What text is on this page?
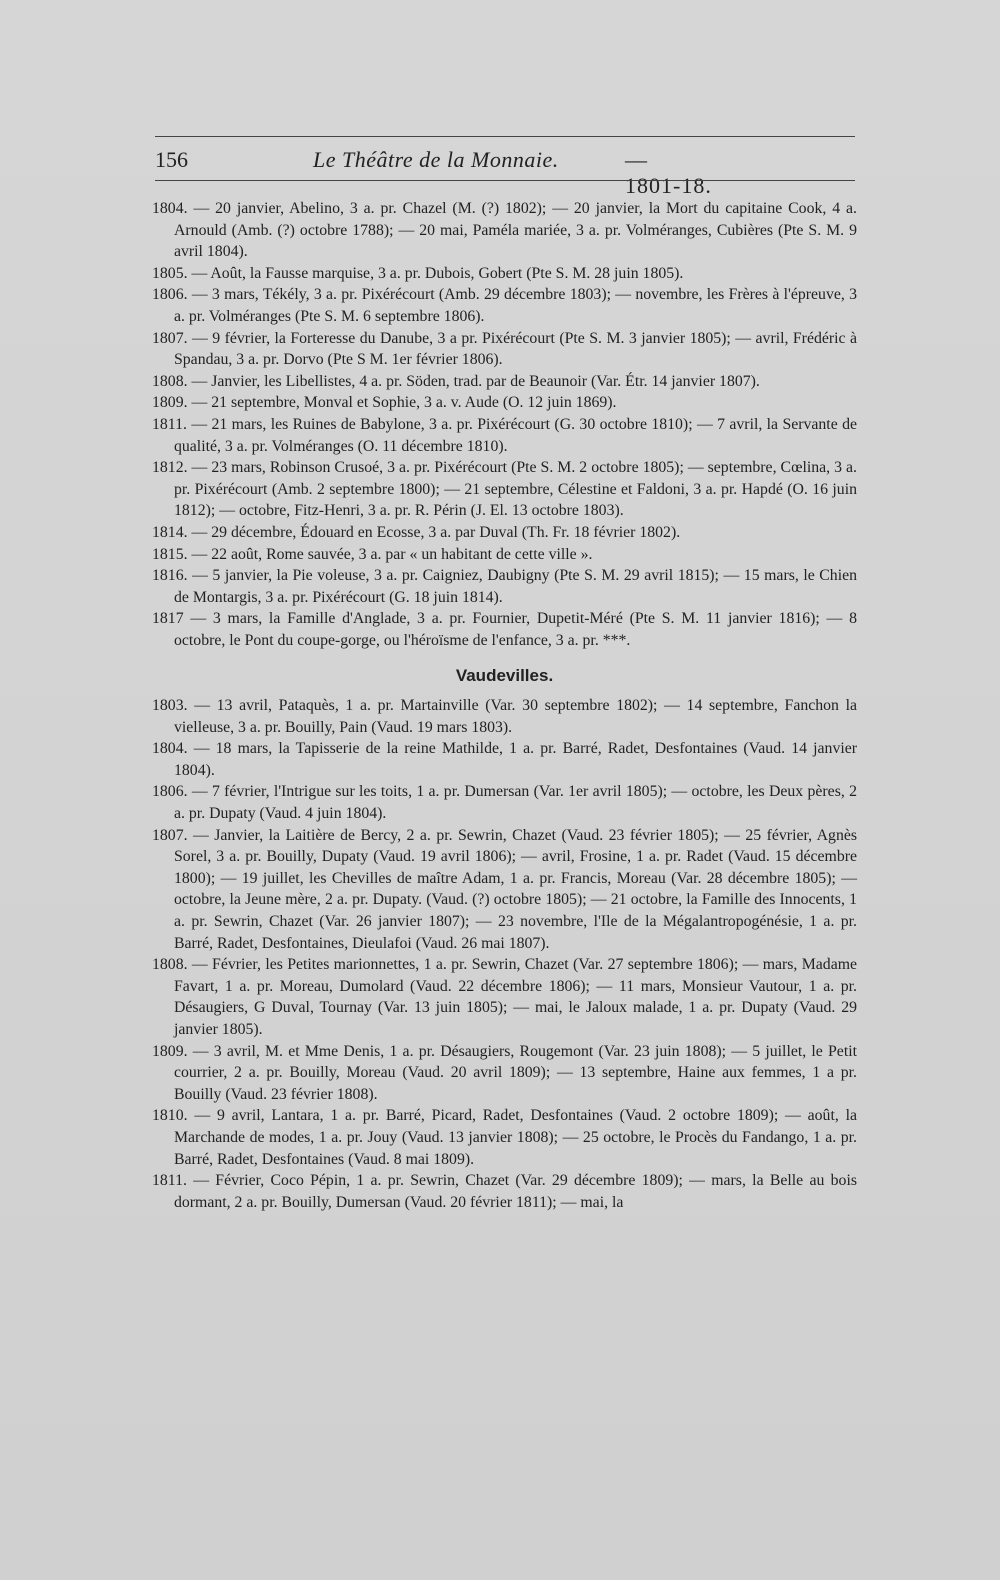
156	Le Théâtre de la Monnaie.	—  1801-18.

1804. — 20 janvier, Abelino, 3 a. pr. Chazel (M. (?) 1802); — 20 janvier, la Mort du capitaine Cook, 4 a. Arnould (Amb. (?) octobre 1788); — 20 mai, Paméla mariée, 3 a. pr. Volméranges, Cubières (Pte S. M. 9 avril 1804).

1805. — Août, la Fausse marquise, 3 a. pr. Dubois, Gobert (Pte S. M. 28 juin 1805).

1806. — 3 mars, Tékély, 3 a. pr. Pixérécourt (Amb. 29 décembre 1803); — novembre, les Frères à l'épreuve, 3 a. pr. Volméranges (Pte S. M. 6 septembre 1806).

1807. — 9 février, la Forteresse du Danube, 3 a pr. Pixérécourt (Pte S. M. 3 janvier 1805); — avril, Frédéric à Spandau, 3 a. pr. Dorvo (Pte S M. 1er février 1806).

1808. — Janvier, les Libellistes, 4 a. pr. Söden, trad. par de Beaunoir (Var. Étr. 14 janvier 1807).

1809. — 21 septembre, Monval et Sophie, 3 a. v. Aude (O. 12 juin 1869).

1811. — 21 mars, les Ruines de Babylone, 3 a. pr. Pixérécourt (G. 30 octobre 1810); — 7 avril, la Servante de qualité, 3 a. pr. Volméranges (O. 11 décembre 1810).

1812. — 23 mars, Robinson Crusoé, 3 a. pr. Pixérécourt (Pte S. M. 2 octobre 1805); — septembre, Cœlina, 3 a. pr. Pixérécourt (Amb. 2 septembre 1800); — 21 septembre, Célestine et Faldoni, 3 a. pr. Hapdé (O. 16 juin 1812); — octobre, Fitz-Henri, 3 a. pr. R. Périn (J. El. 13 octobre 1803).

1814. — 29 décembre, Édouard en Ecosse, 3 a. par Duval (Th. Fr. 18 février 1802).

1815. — 22 août, Rome sauvée, 3 a. par « un habitant de cette ville ».

1816. — 5 janvier, la Pie voleuse, 3 a. pr. Caigniez, Daubigny (Pte S. M. 29 avril 1815); — 15 mars, le Chien de Montargis, 3 a. pr. Pixérécourt (G. 18 juin 1814).

1817 — 3 mars, la Famille d'Anglade, 3 a. pr. Fournier, Dupetit-Méré (Pte S. M. 11 janvier 1816); — 8 octobre, le Pont du coupe-gorge, ou l'héroïsme de l'enfance, 3 a. pr. ***.

Vaudevilles.

1803. — 13 avril, Pataquès, 1 a. pr. Martainville (Var. 30 septembre 1802); — 14 septembre, Fanchon la vielleuse, 3 a. pr. Bouilly, Pain (Vaud. 19 mars 1803).

1804. — 18 mars, la Tapisserie de la reine Mathilde, 1 a. pr. Barré, Radet, Desfontaines (Vaud. 14 janvier 1804).

1806. — 7 février, l'Intrigue sur les toits, 1 a. pr. Dumersan (Var. 1er avril 1805); — octobre, les Deux pères, 2 a. pr. Dupaty (Vaud. 4 juin 1804).

1807. — Janvier, la Laitière de Bercy, 2 a. pr. Sewrin, Chazet (Vaud. 23 février 1805); — 25 février, Agnès Sorel, 3 a. pr. Bouilly, Dupaty (Vaud. 19 avril 1806); — avril, Frosine, 1 a. pr. Radet (Vaud. 15 décembre 1800); — 19 juillet, les Chevilles de maître Adam, 1 a. pr. Francis, Moreau (Var. 28 décembre 1805); — octobre, la Jeune mère, 2 a. pr. Dupaty. (Vaud. (?) octobre 1805); — 21 octobre, la Famille des Innocents, 1 a. pr. Sewrin, Chazet (Var. 26 janvier 1807); — 23 novembre, l'Ile de la Mégalantropogénésie, 1 a. pr. Barré, Radet, Desfontaines, Dieulafoi (Vaud. 26 mai 1807).

1808. — Février, les Petites marionnettes, 1 a. pr. Sewrin, Chazet (Var. 27 septembre 1806); — mars, Madame Favart, 1 a. pr. Moreau, Dumolard (Vaud. 22 décembre 1806); — 11 mars, Monsieur Vautour, 1 a. pr. Désaugiers, G Duval, Tournay (Var. 13 juin 1805); — mai, le Jaloux malade, 1 a. pr. Dupaty (Vaud. 29 janvier 1805).

1809. — 3 avril, M. et Mme Denis, 1 a. pr. Désaugiers, Rougemont (Var. 23 juin 1808); — 5 juillet, le Petit courrier, 2 a. pr. Bouilly, Moreau (Vaud. 20 avril 1809); — 13 septembre, Haine aux femmes, 1 a pr. Bouilly (Vaud. 23 février 1808).

1810. — 9 avril, Lantara, 1 a. pr. Barré, Picard, Radet, Desfontaines (Vaud. 2 octobre 1809); — août, la Marchande de modes, 1 a. pr. Jouy (Vaud. 13 janvier 1808); — 25 octobre, le Procès du Fandango, 1 a. pr. Barré, Radet, Desfontaines (Vaud. 8 mai 1809).

1811. — Février, Coco Pépin, 1 a. pr. Sewrin, Chazet (Var. 29 décembre 1809); — mars, la Belle au bois dormant, 2 a. pr. Bouilly, Dumersan (Vaud. 20 février 1811); — mai, la
